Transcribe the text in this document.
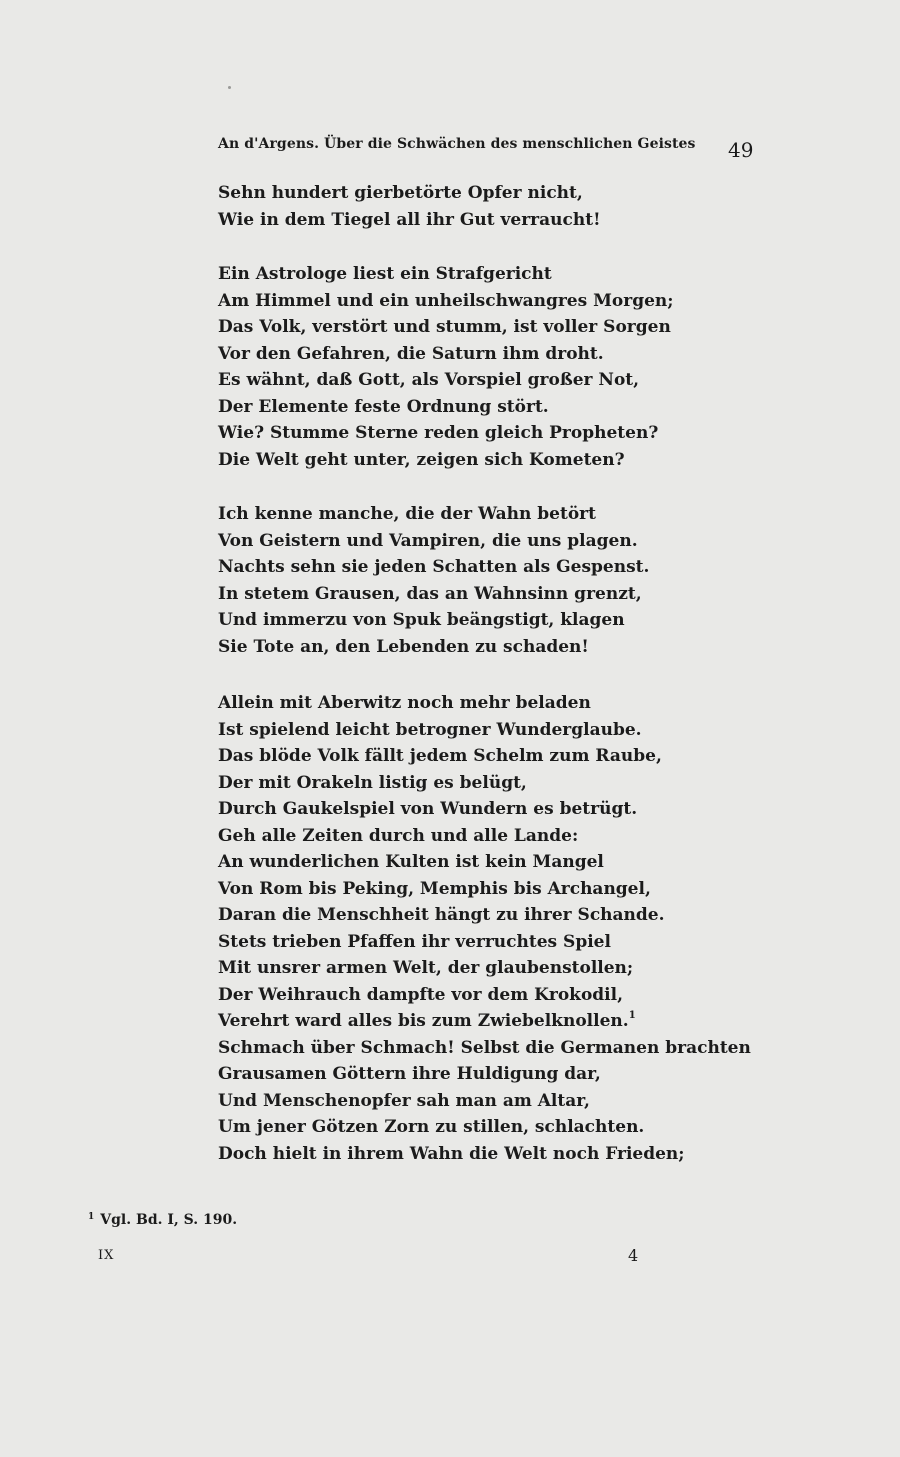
An d'Argens. Über die Schwächen des menschlichen Geistes 49
Sehn hundert gierbetörte Opfer nicht,
Wie in dem Tiegel all ihr Gut verraucht!
Ein Astrologe liest ein Strafgericht
Am Himmel und ein unheilschwangres Morgen;
Das Volk, verstört und stumm, ist voller Sorgen
Vor den Gefahren, die Saturn ihm droht.
Es wähnt, daß Gott, als Vorspiel großer Not,
Der Elemente feste Ordnung stört.
Wie? Stumme Sterne reden gleich Propheten?
Die Welt geht unter, zeigen sich Kometen?
Ich kenne manche, die der Wahn betört
Von Geistern und Vampiren, die uns plagen.
Nachts sehn sie jeden Schatten als Gespenst.
In stetem Grausen, das an Wahnsinn grenzt,
Und immerzu von Spuk beängstigt, klagen
Sie Tote an, den Lebenden zu schaden!
Allein mit Aberwitz noch mehr beladen
Ist spielend leicht betrogner Wunderglaube.
Das blöde Volk fällt jedem Schelm zum Raube,
Der mit Orakeln listig es belügt,
Durch Gaukelspiel von Wundern es betrügt.
Geh alle Zeiten durch und alle Lande:
An wunderlichen Kulten ist kein Mangel
Von Rom bis Peking, Memphis bis Archangel,
Daran die Menschheit hängt zu ihrer Schande.
Stets trieben Pfaffen ihr verruchtes Spiel
Mit unsrer armen Welt, der glaubenstollen;
Der Weihrauch dampfte vor dem Krokodil,
Verehrt ward alles bis zum Zwiebelknollen.$^1$
Schmach über Schmach! Selbst die Germanen brachten
Grausamen Göttern ihre Huldigung dar,
Und Menschenopfer sah man am Altar,
Um jener Götzen Zorn zu stillen, schlachten.
Doch hielt in ihrem Wahn die Welt noch Frieden;
$^1$ Vgl. Bd. I, S. 190.
IX	4
